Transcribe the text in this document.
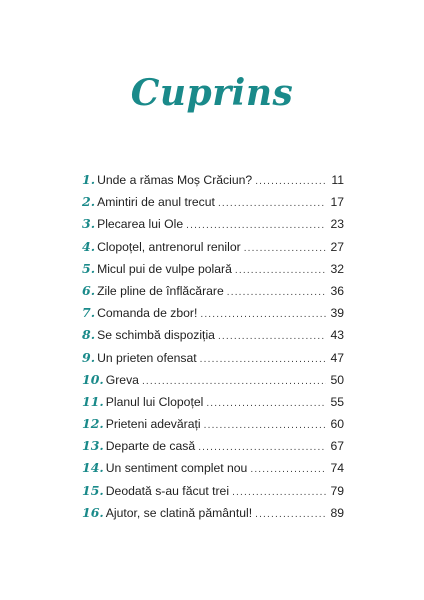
Cuprins
1. Unde a rămas Moș Crăciun? .....	11
2. Amintiri de anul trecut .....	17
3. Plecarea lui Ole .....	23
4. Clopoțel, antrenorul renilor .....	27
5. Micul pui de vulpe polară .....	32
6. Zile pline de înflăcărare .....	36
7. Comanda de zbor! .....	39
8. Se schimbă dispoziția .....	43
9. Un prieten ofensat .....	47
10. Greva .....	50
11. Planul lui Clopoțel .....	55
12. Prieteni adevărați .....	60
13. Departe de casă .....	67
14. Un sentiment complet nou .....	74
15. Deodată s-au făcut trei .....	79
16. Ajutor, se clatină pământul! .....	89
